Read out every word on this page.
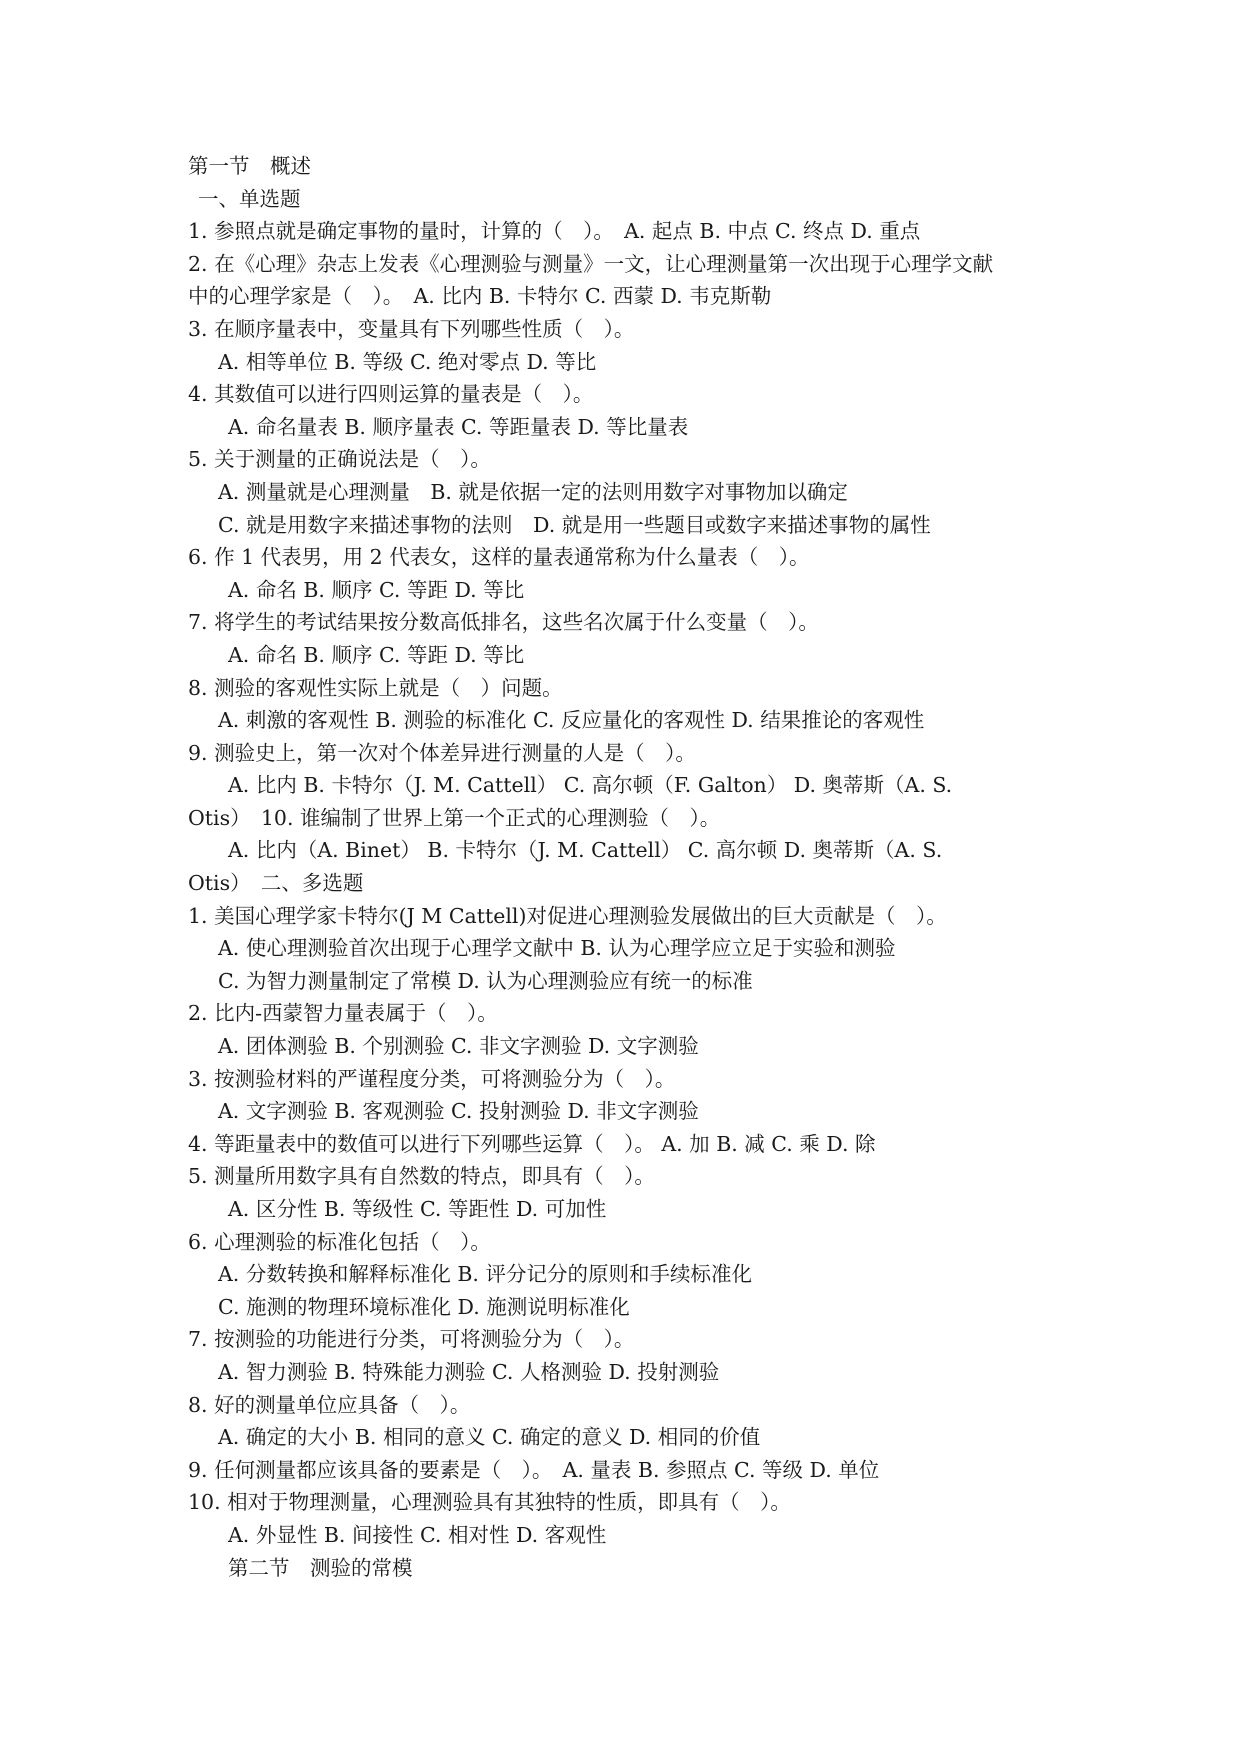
第一节　概述
一、单选题
1. 参照点就是确定事物的量时，计算的（　）。　A. 起点 B. 中点 C. 终点 D. 重点
2. 在《心理》杂志上发表《心理测验与测量》一文，让心理测量第一次出现于心理学文献
中的心理学家是（　）。　A. 比内 B. 卡特尔 C. 西蒙 D. 韦克斯勒
3. 在顺序量表中，变量具有下列哪些性质（　）。
A. 相等单位 B. 等级 C. 绝对零点 D. 等比
4. 其数值可以进行四则运算的量表是（　）。
A. 命名量表 B. 顺序量表 C. 等距量表 D. 等比量表
5. 关于测量的正确说法是（　）。
A. 测量就是心理测量　B. 就是依据一定的法则用数字对事物加以确定
C. 就是用数字来描述事物的法则　D. 就是用一些题目或数字来描述事物的属性
6. 作 1 代表男，用 2 代表女，这样的量表通常称为什么量表（　）。
A. 命名 B. 顺序 C. 等距 D. 等比
7. 将学生的考试结果按分数高低排名，这些名次属于什么变量（　）。
A. 命名 B. 顺序 C. 等距 D. 等比
8. 测验的客观性实际上就是（　）问题。
A. 刺激的客观性 B. 测验的标准化 C. 反应量化的客观性 D. 结果推论的客观性
9. 测验史上，第一次对个体差异进行测量的人是（　）。
A. 比内 B. 卡特尔（J. M. Cattell） C. 高尔顿（F. Galton） D. 奥蒂斯（A. S.
Otis）　10. 谁编制了世界上第一个正式的心理测验（　）。
A. 比内（A. Binet） B. 卡特尔（J. M. Cattell） C. 高尔顿 D. 奥蒂斯（A. S.
Otis）　二、多选题
1. 美国心理学家卡特尔(J M Cattell)对促进心理测验发展做出的巨大贡献是（　）。
A. 使心理测验首次出现于心理学文献中 B. 认为心理学应立足于实验和测验
C. 为智力测量制定了常模 D. 认为心理测验应有统一的标准
2. 比内-西蒙智力量表属于（　）。
A. 团体测验 B. 个别测验 C. 非文字测验 D. 文字测验
3. 按测验材料的严谨程度分类，可将测验分为（　）。
A. 文字测验 B. 客观测验 C. 投射测验 D. 非文字测验
4. 等距量表中的数值可以进行下列哪些运算（　）。 A. 加 B. 减 C. 乘 D. 除
5. 测量所用数字具有自然数的特点，即具有（　）。
A. 区分性 B. 等级性 C. 等距性 D. 可加性
6. 心理测验的标准化包括（　）。
A. 分数转换和解释标准化 B. 评分记分的原则和手续标准化
C. 施测的物理环境标准化 D. 施测说明标准化
7. 按测验的功能进行分类，可将测验分为（　）。
A. 智力测验 B. 特殊能力测验 C. 人格测验 D. 投射测验
8. 好的测量单位应具备（　）。
A. 确定的大小 B. 相同的意义 C. 确定的意义 D. 相同的价值
9. 任何测量都应该具备的要素是（　）。　A. 量表 B. 参照点 C. 等级 D. 单位
10. 相对于物理测量，心理测验具有其独特的性质，即具有（　）。
A. 外显性 B. 间接性 C. 相对性 D. 客观性
第二节　测验的常模
